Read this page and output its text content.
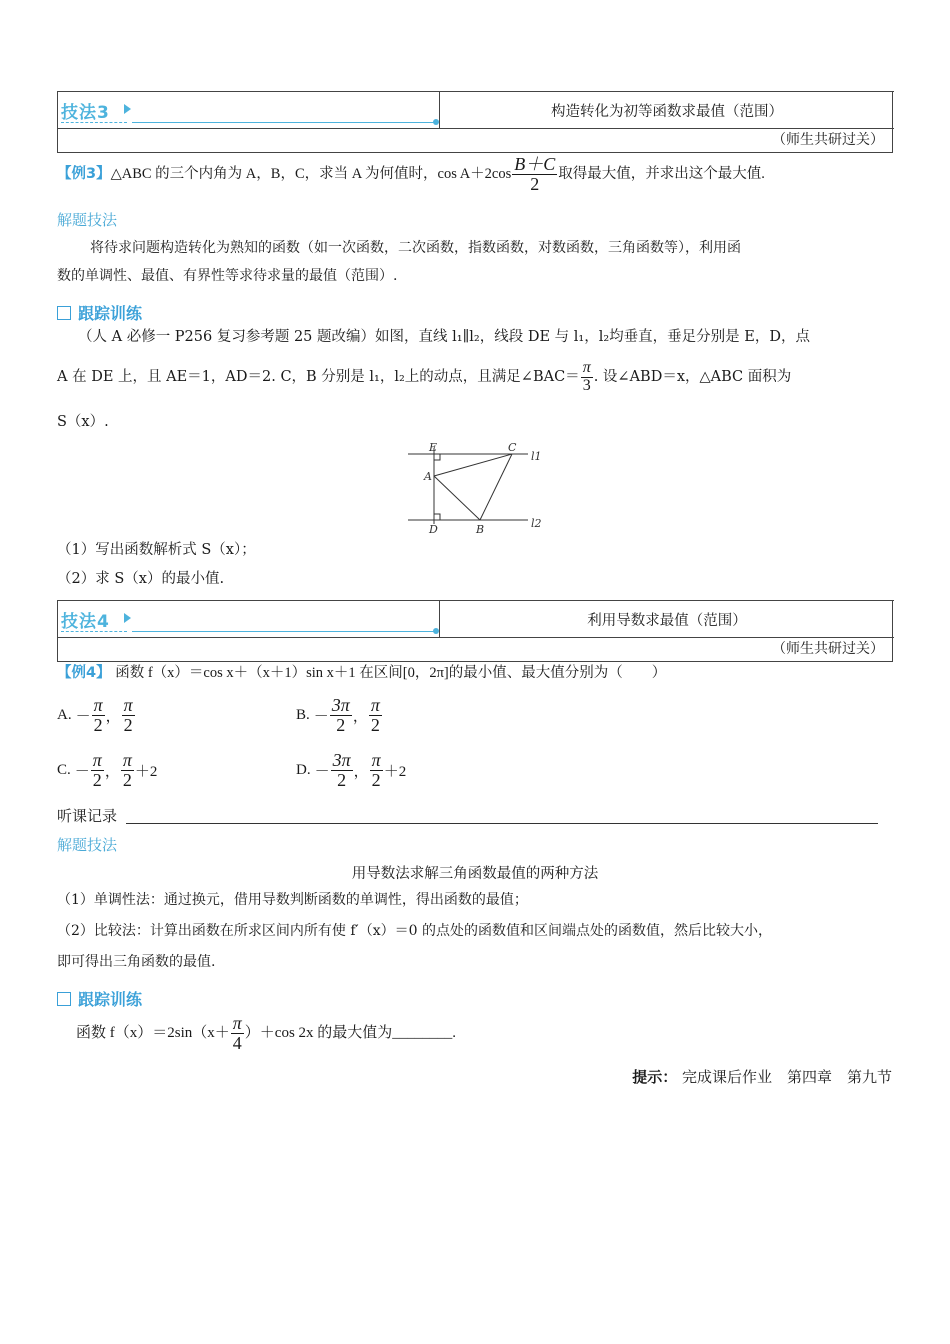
技法3	构造转化为初等函数求最值（范围）
（师生共研过关）
【例3】 △ABC 的三个内角为 A，B，C，求当 A 为何值时，$\cos A+2\cos \frac{B+C}{2}$ 取得最大值，并求出这个最大值.
解题技法
将待求问题构造转化为熟知的函数（如一次函数，二次函数，指数函数，对数函数，三角函数等），利用函
数的单调性、最值、有界性等求待求量的最值（范围）.
跟踪训练
（人 A 必修一 P256 复习参考题 25 题改编）如图，直线 l₁∥l₂，线段 DE 与 l₁，l₂均垂直，垂足分别是 E，D，点
A 在 DE 上，且 AE＝1，AD＝2. C，B 分别是 l₁，l₂上的动点，且满足∠BAC＝ $\frac{\pi}{3}$ . 设∠ABD＝x，△ABC 面积为
S（x）.
E	C
l1
A
D	B	l2
（1）写出函数解析式 S（x）；
（2）求 S（x）的最小值.
技法4	利用导数求最值（范围）
（师生共研过关）
【例4】 函数 f（x）＝cos x＋（x＋1）sin x＋1 在区间[0，2π]的最小值、最大值分别为（　　）
A. － $\frac{\pi}{2}$ ， $\frac{\pi}{2}$	B. － $\frac{3\pi}{2}$ ， $\frac{\pi}{2}$
C. － $\frac{\pi}{2}$ ， $\frac{\pi}{2} +2$	D. － $\frac{3\pi}{2}$ ， $\frac{\pi}{2} +2$
听课记录
解题技法
用导数法求解三角函数最值的两种方法
（1）单调性法：通过换元，借用导数判断函数的单调性，得出函数的最值；
（2）比较法：计算出函数在所求区间内所有使 f′（x）＝0 的点处的函数值和区间端点处的函数值，然后比较大小，
即可得出三角函数的最值.
跟踪训练
函数 $f(x)=2\sin(x+ \frac{\pi}{4} )+\cos$ 2x 的最大值为________.
提示： 完成课后作业　第四章　第九节
